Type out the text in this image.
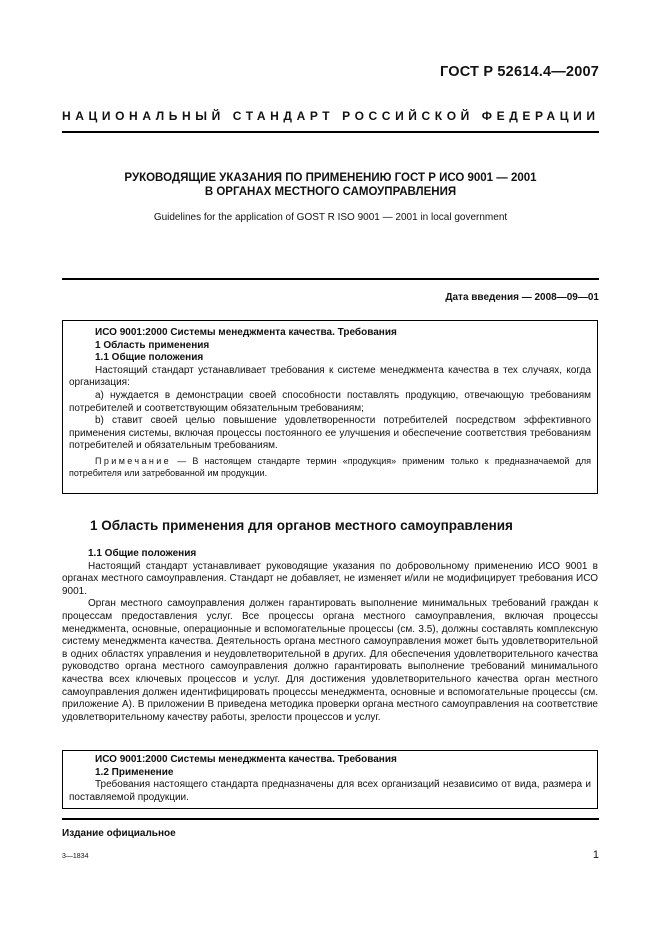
ГОСТ Р 52614.4—2007
НАЦИОНАЛЬНЫЙ СТАНДАРТ РОССИЙСКОЙ ФЕДЕРАЦИИ
РУКОВОДЯЩИЕ УКАЗАНИЯ ПО ПРИМЕНЕНИЮ ГОСТ Р ИСО 9001 — 2001
В ОРГАНАХ МЕСТНОГО САМОУПРАВЛЕНИЯ
Guidelines for the application of GOST R ISO 9001 — 2001 in local government
Дата введения — 2008—09—01

ИСО 9001:2000 Системы менеджмента качества. Требования

1 Область применения

1.1 Общие положения

Настоящий стандарт устанавливает требования к системе менеджмента качества в тех случаях, когда организация:

а) нуждается в демонстрации своей способности поставлять продукцию, отвечающую требованиям потребителей и соответствующим обязательным требованиям;

b) ставит своей целью повышение удовлетворенности потребителей посредством эффективного применения системы, включая процессы постоянного ее улучшения и обеспечение соответствия требованиям потребителей и обязательным требованиям.

Примечание — В настоящем стандарте термин «продукция» применим только к предназначаемой для потребителя или затребованной им продукции.

1 Область применения для органов местного самоуправления

1.1 Общие положения

Настоящий стандарт устанавливает руководящие указания по добровольному применению ИСО 9001 в органах местного самоуправления. Стандарт не добавляет, не изменяет и/или не модифицирует требования ИСО 9001.

Орган местного самоуправления должен гарантировать выполнение минимальных требований граждан к процессам предоставления услуг. Все процессы органа местного самоуправления, включая процессы менеджмента, основные, операционные и вспомогательные процессы (см. 3.5), должны составлять комплексную систему менеджмента качества. Деятельность органа местного самоуправления может быть удовлетворительной в одних областях управления и неудовлетворительной в других. Для обеспечения удовлетворительного качества руководство органа местного самоуправления должно гарантировать выполнение требований минимального качества всех ключевых процессов и услуг. Для достижения удовлетворительного качества орган местного самоуправления должен идентифицировать процессы менеджмента, основные и вспомогательные процессы (см. приложение А). В приложении В приведена методика проверки органа местного самоуправления на соответствие удовлетворительному качеству работы, зрелости процессов и услуг.

ИСО 9001:2000 Системы менеджмента качества. Требования

1.2 Применение

Требования настоящего стандарта предназначены для всех организаций независимо от вида, размера и поставляемой продукции.

Издание официальное
3—1834	1
